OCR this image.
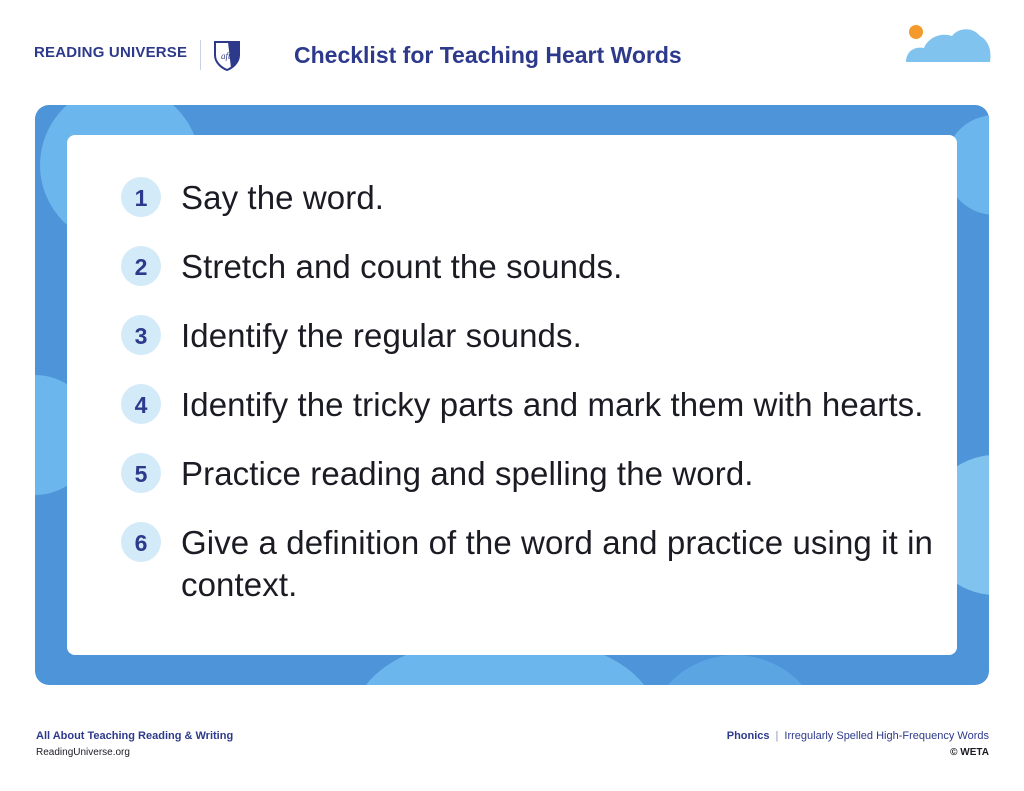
READING UNIVERSE	aft	Checklist for Teaching Heart Words
1	Say the word.
2	Stretch and count the sounds.
3	Identify the regular sounds.
4	Identify the tricky parts and mark them with hearts.
5	Practice reading and spelling the word.
6	Give a definition of the word and practice using it in context.
All About Teaching Reading & Writing
ReadingUniverse.org
Phonics | Irregularly Spelled High-Frequency Words
© WETA
